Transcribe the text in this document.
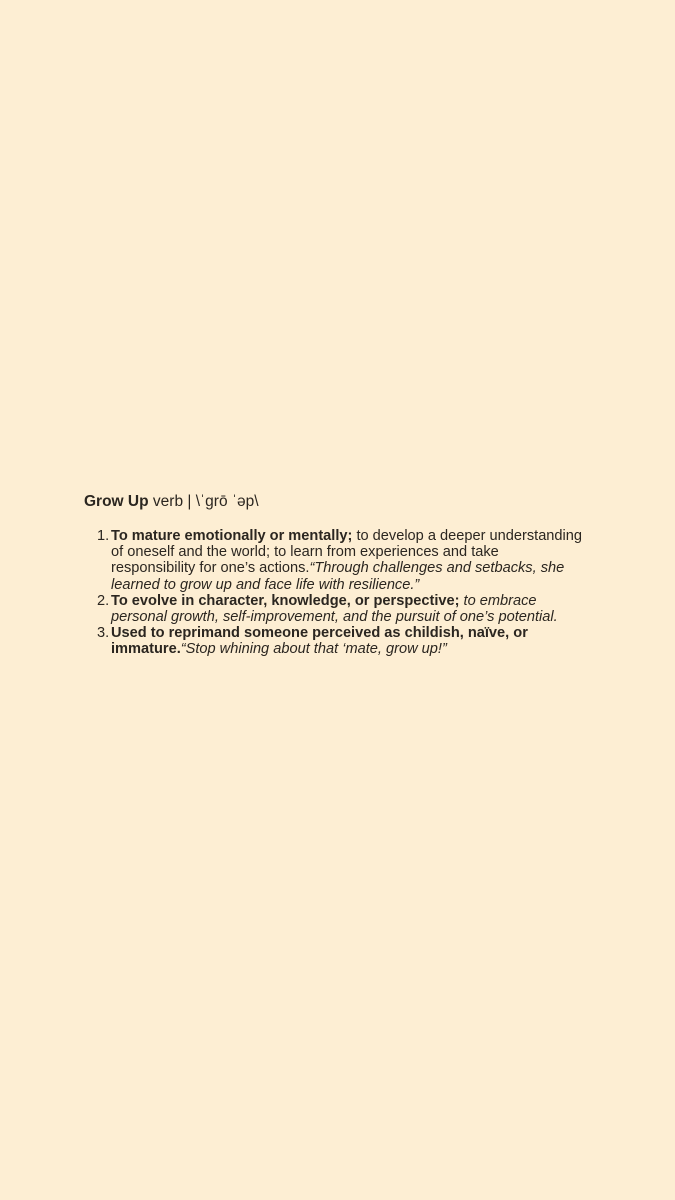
Grow Up verb | \ˈgrō ˈəp\

1. To mature emotionally or mentally; to develop a deeper understanding of oneself and the world; to learn from experiences and take responsibility for one’s actions.“Through challenges and setbacks, she learned to grow up and face life with resilience.”
2. To evolve in character, knowledge, or perspective; to embrace personal growth, self-improvement, and the pursuit of one’s potential.
3. Used to reprimand someone perceived as childish, naïve, or immature.“Stop whining about that ‘mate, grow up!”
